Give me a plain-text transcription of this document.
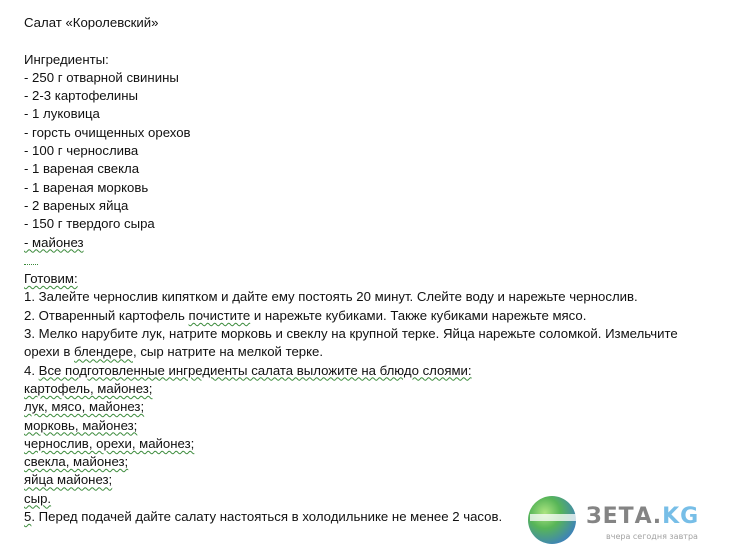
Салат «Королевский»
Ингредиенты:
- 250 г отварной свинины
- 2-3 картофелины
- 1 луковица
- горсть очищенных орехов
- 100 г чернослива
- 1 вареная свекла
- 1 вареная морковь
- 2 вареных яйца
- 150 г твердого сыра
- майонез
Готовим:
1. Залейте чернослив кипятком и дайте ему постоять 20 минут. Слейте воду и нарежьте чернослив.
2. Отваренный картофель почистите и нарежьте кубиками. Также кубиками нарежьте мясо.
3. Мелко нарубите лук, натрите морковь и свеклу на крупной терке. Яйца нарежьте соломкой. Измельчите
орехи в блендере, сыр натрите на мелкой терке.
4. Все подготовленные ингредиенты салата выложите на блюдо слоями:
картофель, майонез;
лук, мясо, майонез;
морковь, майонез;
чернослив, орехи, майонез;
свекла, майонез;
яйца майонез;
сыр.
5. Перед подачей дайте салату настояться в холодильнике не менее 2 часов.	ЗЕТА.KG
вчера сегодня завтра
